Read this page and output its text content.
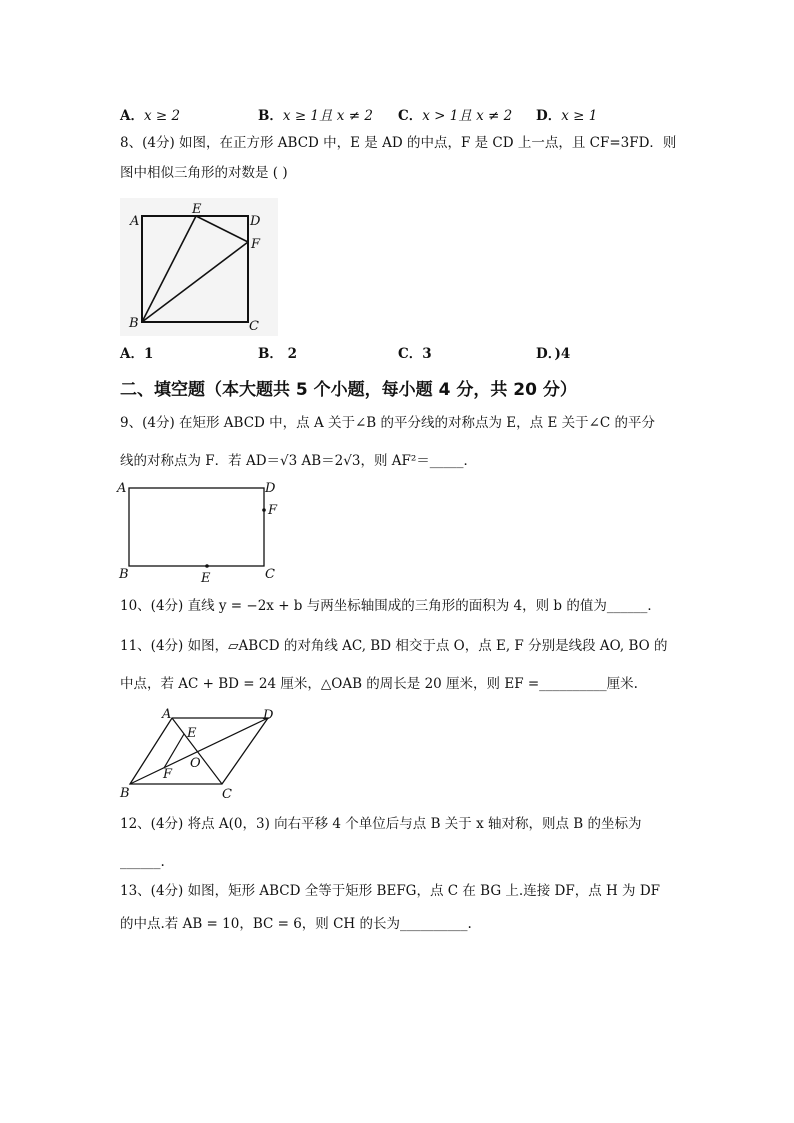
A．x ≥ 2	B．x ≥ 1且 x ≠ 2 C．x > 1且 x ≠ 2 D．x ≥ 1
8、(4分) 如图，在正方形 ABCD 中，E 是 AD 的中点，F 是 CD 上一点，且 CF=3FD．则
图中相似三角形的对数是 ( )
A
E
D
F
B	C
A．1	B． 2	C．3	D．)4
二、填空题（本大题共 5 个小题，每小题 4 分，共 20 分）
9、(4分) 在矩形 ABCD 中，点 A 关于∠B 的平分线的对称点为 E，点 E 关于∠C 的平分
线的对称点为 F．若 AD＝√3 AB＝2√3，则 AF²＝_____．
A	D
F
B	E	C
10、(4分) 直线 y = −2x + b 与两坐标轴围成的三角形的面积为 4，则 b 的值为______．
11、(4分) 如图，▱ABCD 的对角线 AC, BD 相交于点 O，点 E, F 分别是线段 AO, BO 的
中点，若 AC + BD = 24 厘米，△OAB 的周长是 20 厘米，则 EF =__________厘米.
A	D
E
O
F
B	C
12、(4分) 将点 A(0，3) 向右平移 4 个单位后与点 B 关于 x 轴对称，则点 B 的坐标为
______.
13、(4分) 如图，矩形 ABCD 全等于矩形 BEFG，点 C 在 BG 上.连接 DF，点 H 为 DF
的中点.若 AB = 10，BC = 6，则 CH 的长为__________.
